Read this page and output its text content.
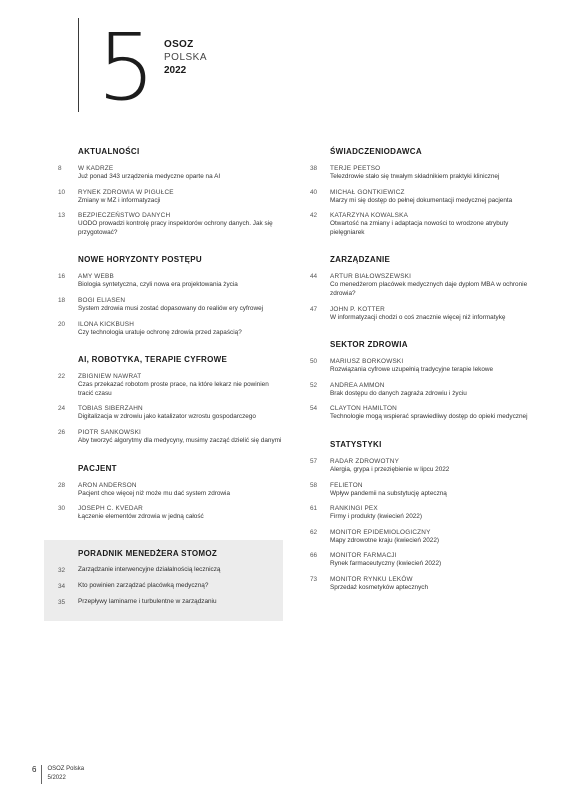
5 OSOZ
POLSKA
2022
AKTUALNOŚCI
8	W KADRZE
Już ponad 343 urządzenia medyczne oparte na AI
10	RYNEK ZDROWIA W PIGUŁCE
Zmiany w MZ i informatyzacji
13	BEZPIECZEŃSTWO DANYCH
UODO prowadzi kontrolę pracy inspektorów ochrony danych. Jak się przygotować?
NOWE HORYZONTY POSTĘPU
16	AMY WEBB
Biologia syntetyczna, czyli nowa era projektowania życia
18	BOGI ELIASEN
System zdrowia musi zostać dopasowany do realiów ery cyfrowej
20	ILONA KICKBUSH
Czy technologia uratuje ochronę zdrowia przed zapaścią?
AI, ROBOTYKA, TERAPIE CYFROWE
22	ZBIGNIEW NAWRAT
Czas przekazać robotom proste prace, na które lekarz nie powinien tracić czasu
24	TOBIAS SIBERZAHN
Digitalizacja w zdrowiu jako katalizator wzrostu gospodarczego
26	PIOTR SANKOWSKI
Aby tworzyć algorytmy dla medycyny, musimy zacząć dzielić się danymi
PACJENT
28	ARON ANDERSON
Pacjent chce więcej niż może mu dać system zdrowia
30	JOSEPH C. KVEDAR
Łączenie elementów zdrowia w jedną całość
PORADNIK MENEDŻERA STOMOZ
32	Zarządzanie interwencyjne działalnością leczniczą
34	Kto powinien zarządzać placówką medyczną?
35	Przepływy laminarne i turbulentne w zarządzaniu
ŚWIADCZENIODAWCA
38	TERJE PEETSO
Telezdrowie stało się trwałym składnikiem praktyki klinicznej
40	MICHAŁ GONTKIEWICZ
Marzy mi się dostęp do pełnej dokumentacji medycznej pacjenta
42	KATARZYNA KOWALSKA
Otwartość na zmiany i adaptacja nowości to wrodzone atrybuty pielęgniarek
ZARZĄDZANIE
44	ARTUR BIAŁOWSZEWSKI
Co menedżerom placówek medycznych daje dyplom MBA w ochronie zdrowia?
47	JOHN P. KOTTER
W informatyzacji chodzi o coś znacznie więcej niż informatykę
SEKTOR ZDROWIA
50	MARIUSZ BORKOWSKI
Rozwiązania cyfrowe uzupełnią tradycyjne terapie lekowe
52	ANDREA AMMON
Brak dostępu do danych zagraża zdrowiu i życiu
54	CLAYTON HAMILTON
Technologie mogą wspierać sprawiedliwy dostęp do opieki medycznej
STATYSTYKI
57	RADAR ZDROWOTNY
Alergia, grypa i przeziębienie w lipcu 2022
58	FELIETON
Wpływ pandemii na substytucję apteczną
61	RANKINGI PEX
Firmy i produkty (kwiecień 2022)
62	MONITOR EPIDEMIOLOGICZNY
Mapy zdrowotne kraju (kwiecień 2022)
66	MONITOR FARMACJI
Rynek farmaceutyczny (kwiecień 2022)
73	MONITOR RYNKU LEKÓW
Sprzedaż kosmetyków aptecznych
6 OSOZ Polska
5/2022
